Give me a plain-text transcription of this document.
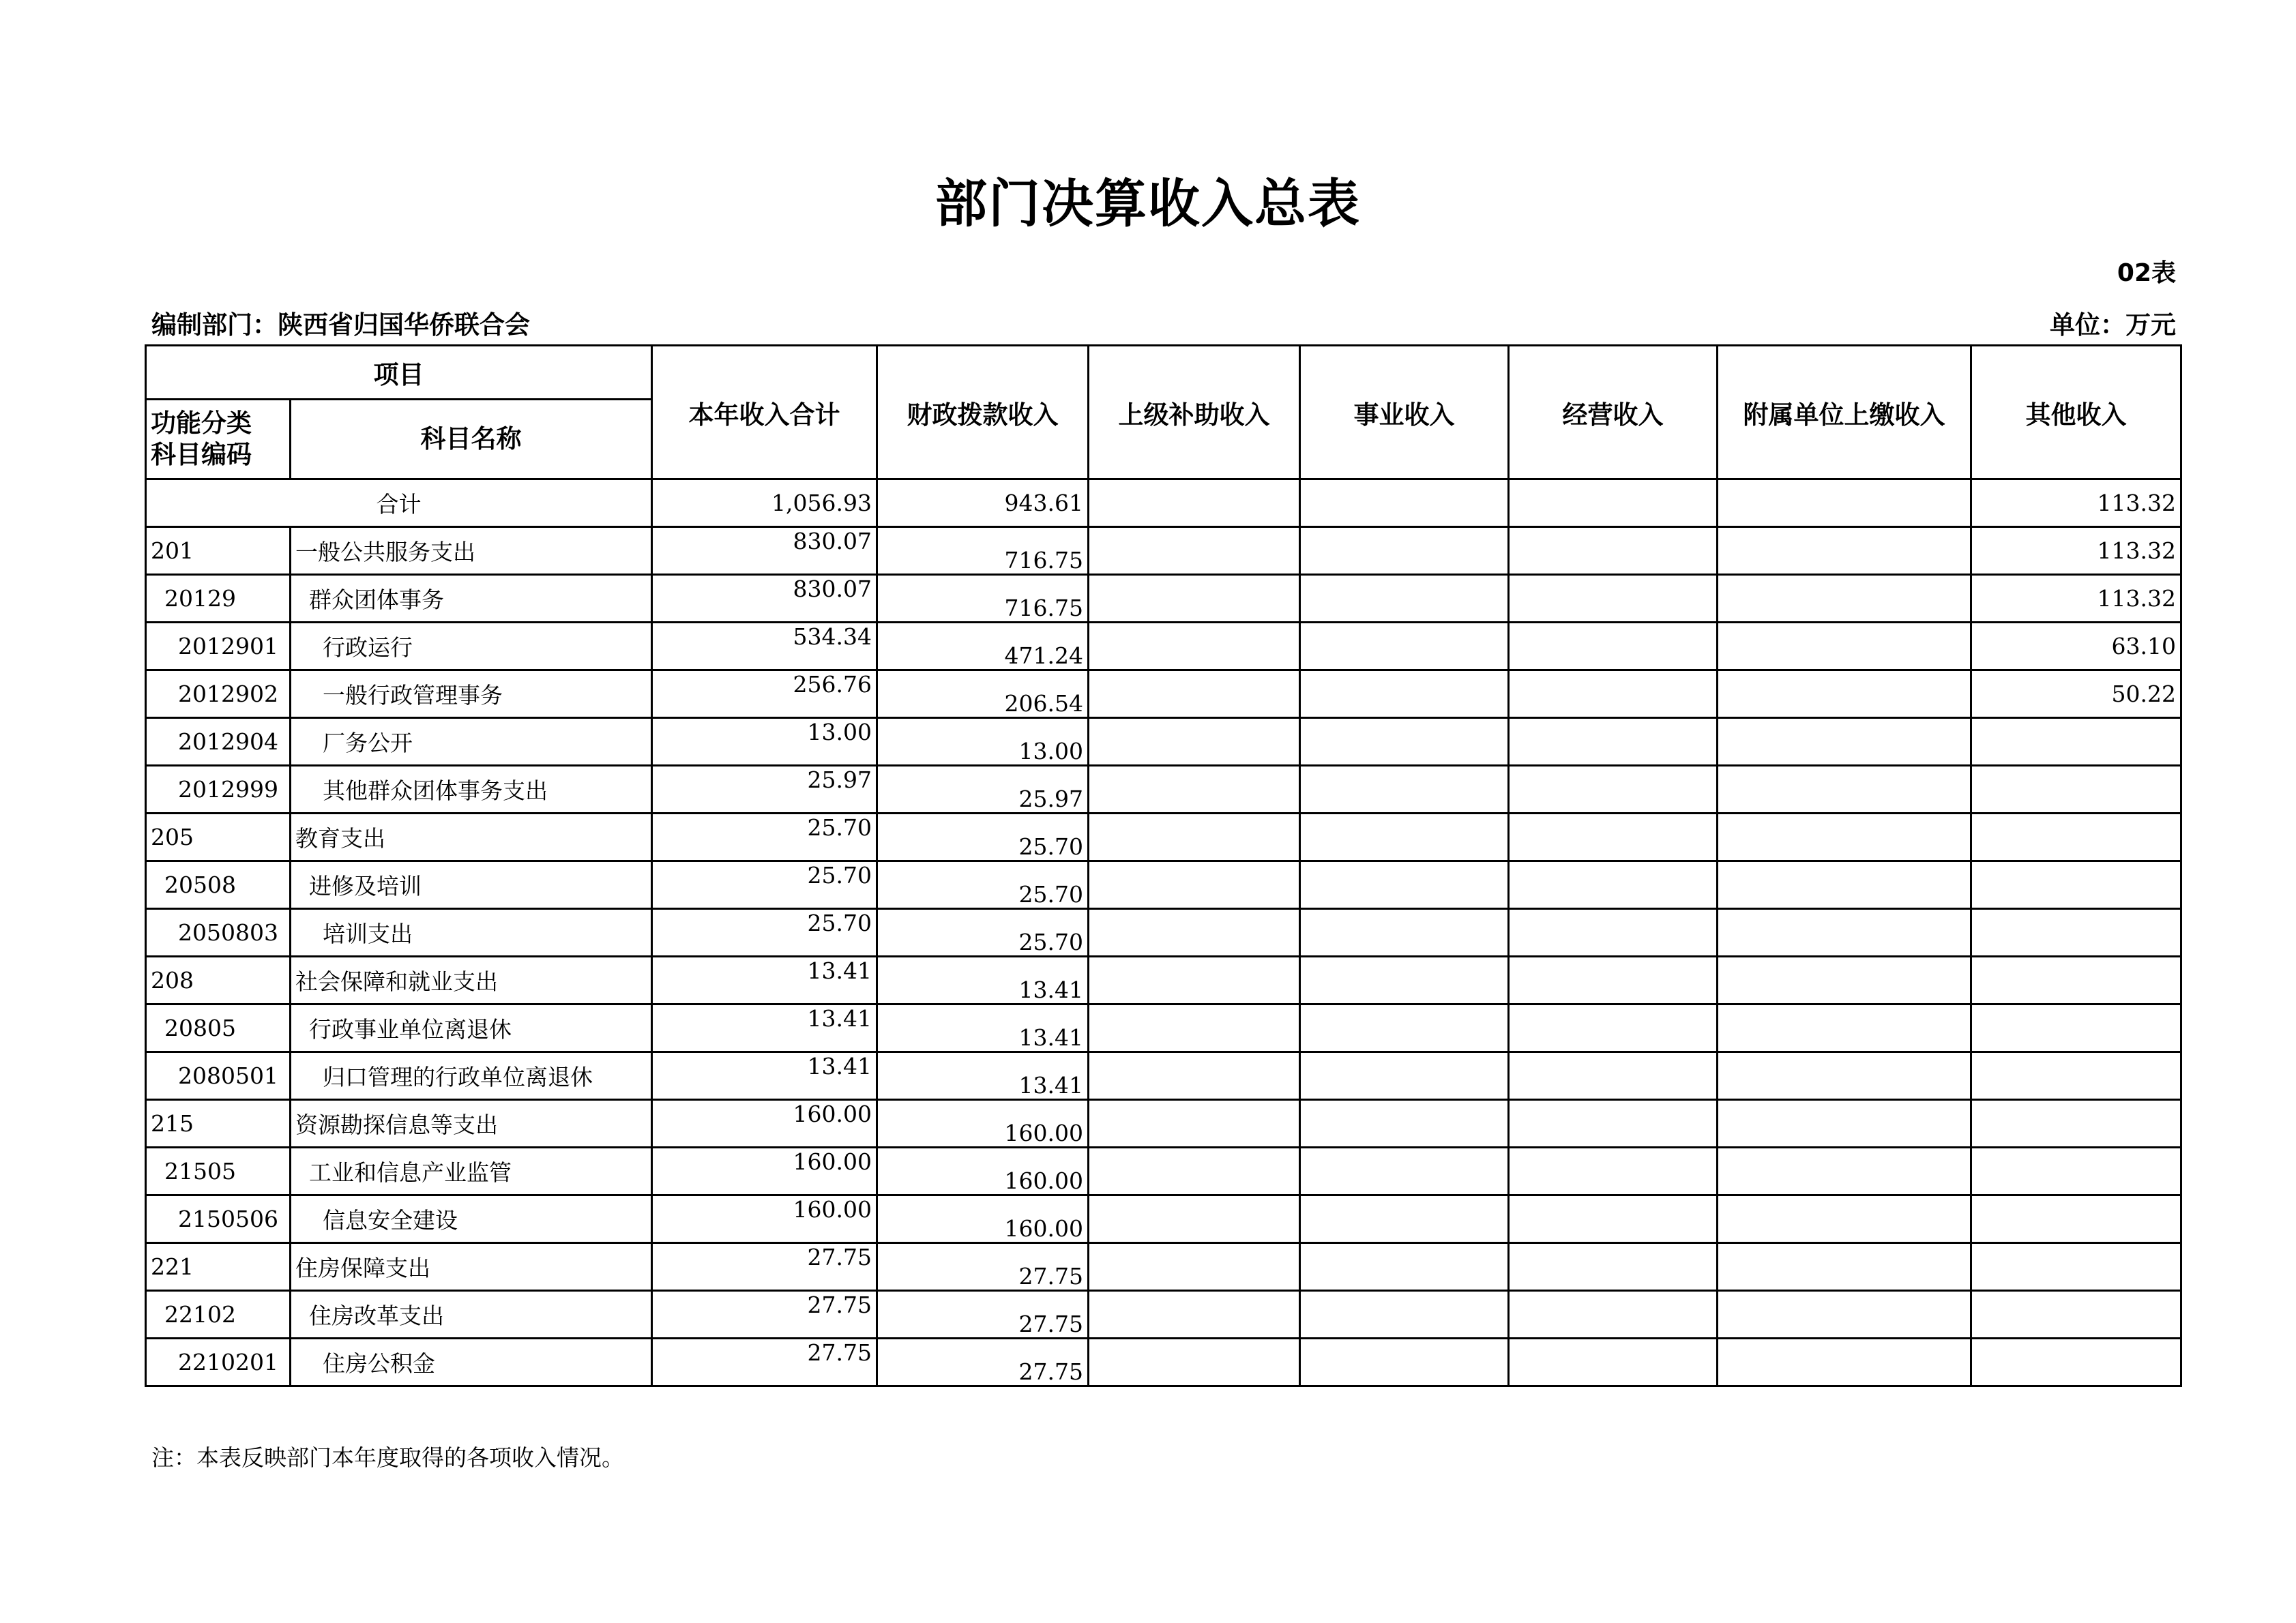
部门决算收入总表
02表
编制部门：陕西省归国华侨联合会	单位：万元
项目		本年收入合计	财政拨款收入	上级补助收入	事业收入	经营收入	附属单位上缴收入	其他收入
功能分类
科目编码	科目名称							
合计		1,056.93	943.61					113.32
201	一般公共服务支出	830.07	716.75					113.32
20129	群众团体事务	830.07	716.75					113.32
2012901	行政运行	534.34	471.24					63.10
2012902	一般行政管理事务	256.76	206.54					50.22
2012904	厂务公开	13.00	13.00					
2012999	其他群众团体事务支出	25.97	25.97					
205	教育支出	25.70	25.70					
20508	进修及培训	25.70	25.70					
2050803	培训支出	25.70	25.70					
208	社会保障和就业支出	13.41	13.41					
20805	行政事业单位离退休	13.41	13.41					
2080501	归口管理的行政单位离退休	13.41	13.41					
215	资源勘探信息等支出	160.00	160.00					
21505	工业和信息产业监管	160.00	160.00					
2150506	信息安全建设	160.00	160.00					
221	住房保障支出	27.75	27.75					
22102	住房改革支出	27.75	27.75					
2210201	住房公积金	27.75	27.75					
注：本表反映部门本年度取得的各项收入情况。
